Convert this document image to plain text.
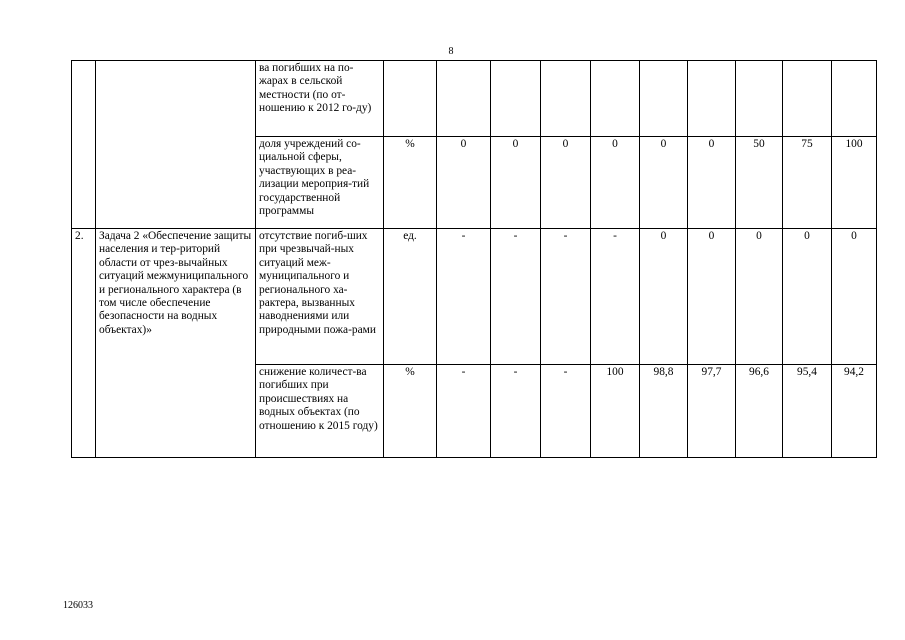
8
		ва погибших на по-жарах в сельской местности (по от-ношению к 2012 го-ду)										
		доля учреждений со-циальной сферы, участвующих в реа-лизации мероприя-тий государственной программы	%	0	0	0	0	0	0	50	75	100
2.	Задача 2 «Обеспечение защиты населения и тер-риторий области от чрез-вычайных ситуаций межмуниципального и регионального характера (в том числе обеспечение безопасности на водных объектах)»	отсутствие погиб-ших при чрезвычай-ных ситуаций меж-муниципального и регионального ха-рактера, вызванных наводнениями или природными пожа-рами	ед.	-	-	-	-	0	0	0	0	0
		снижение количест-ва погибших при происшествиях на водных объектах (по отношению к 2015 году)	%	-	-	-	100	98,8	97,7	96,6	95,4	94,2
126033
